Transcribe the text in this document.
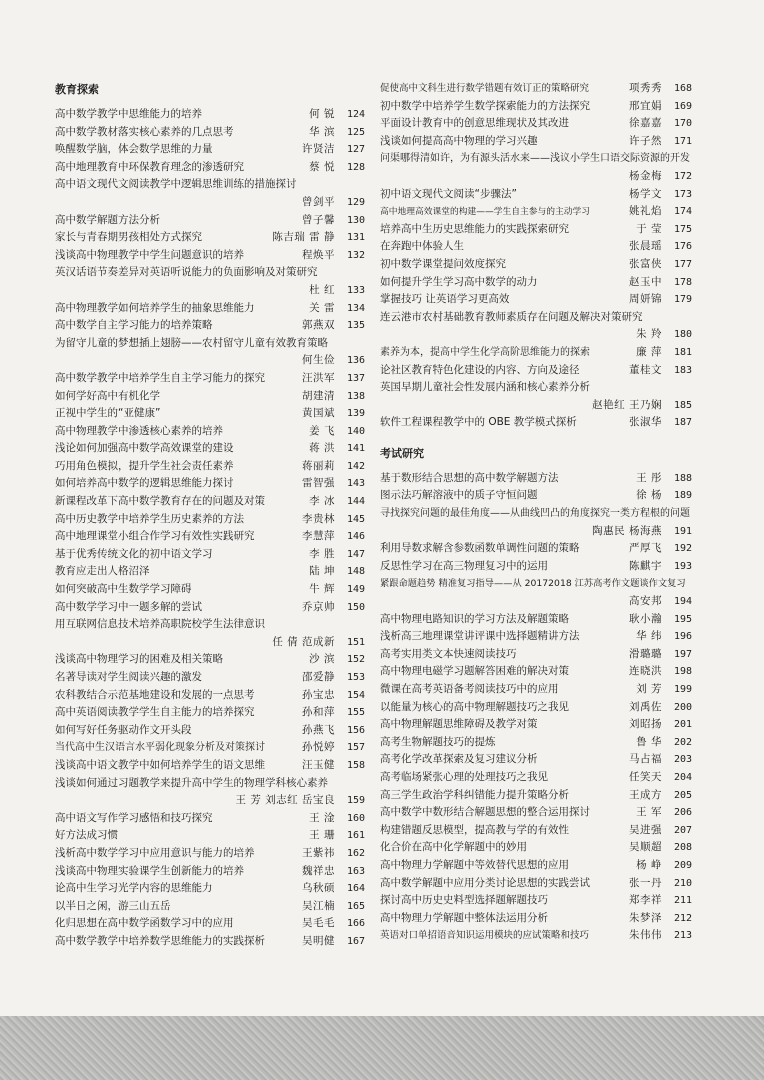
教育探索
高中数学教学中思维能力的培养	何 锐	124
高中数学教材落实核心素养的几点思考	华 滨	125
唤醒数学脑，体会数学思维的力量	许贤洁	127
高中地理教育中环保教育理念的渗透研究	蔡 悦	128
高中语文现代文阅读教学中逻辑思维训练的措施探讨
曾剑平	129
高中数学解题方法分析	曾子馨	130
家长与青春期男孩相处方式探究	陈吉瑞 雷 静	131
浅谈高中物理教学中学生问题意识的培养	程焕平	132
英汉话语节奏差异对英语听说能力的负面影响及对策研究
杜 红	133
高中物理教学如何培养学生的抽象思维能力	关 雷	134
高中数学自主学习能力的培养策略	郭燕双	135
为留守儿童的梦想插上翅膀——农村留守儿童有效教育策略
何生俭	136
高中数学教学中培养学生自主学习能力的探究	汪洪军	137
如何学好高中有机化学	胡建清	138
正视中学生的“亚健康”	黄国斌	139
高中物理教学中渗透核心素养的培养	姜 飞	140
浅论如何加强高中数学高效课堂的建设	蒋 洪	141
巧用角色模拟，提升学生社会责任素养	蒋丽莉	142
如何培养高中数学的逻辑思维能力探讨	雷智强	143
新课程改革下高中数学教育存在的问题及对策	李 冰	144
高中历史教学中培养学生历史素养的方法	李贵林	145
高中地理课堂小组合作学习有效性实践研究	李慧萍	146
基于优秀传统文化的初中语文学习	李 胜	147
教育应走出人格沼泽	陆 坤	148
如何突破高中生数学学习障碍	牛 辉	149
高中数学学习中一题多解的尝试	乔京帅	150
用互联网信息技术培养高职院校学生法律意识
任 倩 范成新	151
浅谈高中物理学习的困难及相关策略	沙 滨	152
名著导读对学生阅读兴趣的激发	邵爱静	153
农科教结合示范基地建设和发展的一点思考	孙宝忠	154
高中英语阅读教学学生自主能力的培养探究	孙和萍	155
如何写好任务驱动作文开头段	孙燕飞	156
当代高中生汉语言水平弱化现象分析及对策探讨	孙悦婷	157
浅谈高中语文教学中如何培养学生的语文思维	汪玉健	158
浅谈如何通过习题教学来提升高中学生的物理学科核心素养
王 芳 刘志红 岳宝良	159
高中语文写作学习感悟和技巧探究	王 淦	160
好方法成习惯	王 珊	161
浅析高中数学学习中应用意识与能力的培养	王紫祎	162
浅谈高中物理实验课学生创新能力的培养	魏祥忠	163
论高中生学习光学内容的思维能力	乌秋硕	164
以半日之闲，游三山五岳	吴江楠	165
化归思想在高中数学函数学习中的应用	吴毛毛	166
高中数学教学中培养数学思维能力的实践探析	吴明健	167
促使高中文科生进行数学错题有效订正的策略研究	项秀秀	168
初中数学中培养学生数学探索能力的方法探究	邢宜娟	169
平面设计教育中的创意思维现状及其改进	徐嘉嘉	170
浅谈如何提高高中物理的学习兴趣	许子然	171
问渠哪得清如许，为有源头活水来——浅议小学生口语交际资源的开发
杨金梅	172
初中语文现代文阅读“步骤法”	杨学文	173
高中地理高效课堂的构建——学生自主参与的主动学习	姚礼焰	174
培养高中生历史思维能力的实践探索研究	于 莹	175
在奔跑中体验人生	张晨瑶	176
初中数学课堂提问效度探究	张富侠	177
如何提升学生学习高中数学的动力	赵玉中	178
掌握技巧 让英语学习更高效	周妍锦	179
连云港市农村基础教育教师素质存在问题及解决对策研究
朱 羚	180
素养为本，提高中学生化学高阶思维能力的探索	廉 萍	181
论社区教育特色化建设的内容、方向及途径	董桂文	183
英国早期儿童社会性发展内涵和核心素养分析
赵艳红 王乃娴	185
软件工程课程教学中的 OBE 教学模式探析	张淑华	187
考试研究
基于数形结合思想的高中数学解题方法	王 彤	188
图示法巧解溶液中的质子守恒问题	徐 杨	189
寻找探究问题的最佳角度——从曲线凹凸的角度探究一类方程根的问题
陶惠民 杨海燕	191
利用导数求解含参数函数单调性问题的策略	严厚飞	192
反思性学习在高三物理复习中的运用	陈麒宇	193
紧跟命题趋势 精准复习指导——从 20172018 江苏高考作文题谈作文复习
高安邦	194
高中物理电路知识的学习方法及解题策略	耿小瀚	195
浅析高三地理课堂讲评课中选择题精讲方法	华 纬	196
高考实用类文本快速阅读技巧	滑璐璐	197
高中物理电磁学习题解答困难的解决对策	连晓洪	198
微课在高考英语备考阅读技巧中的应用	刘 芳	199
以能量为核心的高中物理解题技巧之我见	刘禹佐	200
高中物理解题思维障碍及教学对策	刘昭扬	201
高考生物解题技巧的提炼	鲁 华	202
高考化学改革探索及复习建议分析	马占福	203
高考临场紧张心理的处理技巧之我见	任笑天	204
高三学生政治学科纠错能力提升策略分析	王成方	205
高中数学中数形结合解题思想的整合运用探讨	王 军	206
构建错题反思模型，提高教与学的有效性	吴进强	207
化合价在高中化学解题中的妙用	吴顺超	208
高中物理力学解题中等效替代思想的应用	杨 峥	209
高中数学解题中应用分类讨论思想的实践尝试	张一丹	210
探讨高中历史史料型选择题解题技巧	郑李祥	211
高中物理力学解题中整体法运用分析	朱梦泽	212
英语对口单招语音知识运用模块的应试策略和技巧	朱伟伟	213
